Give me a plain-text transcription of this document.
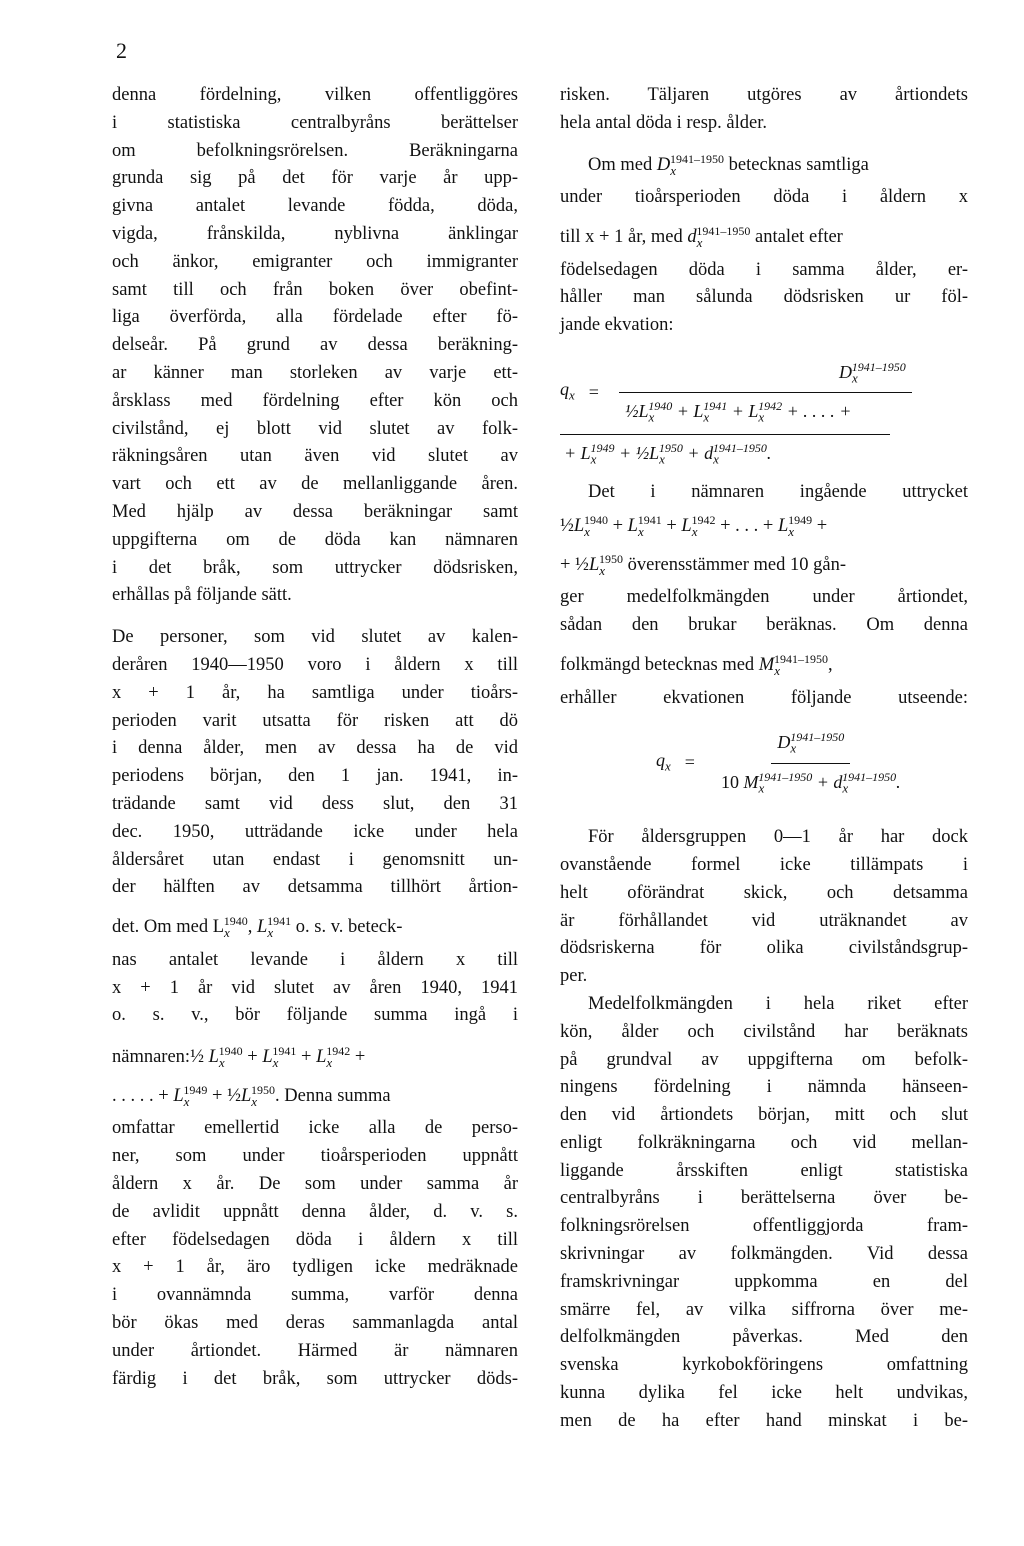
2

denna fördelning, vilken offentliggöres
i statistiska centralbyråns berättelser
om befolkningsrörelsen. Beräkningarna
grunda sig på det för varje år upp-
givna antalet levande födda, döda,
vigda, frånskilda, nyblivna änklingar
och änkor, emigranter och immigranter
samt till och från boken över obefint-
liga överförda, alla fördelade efter fö-
delseår. På grund av dessa beräkning-
ar känner man storleken av varje ett-
årsklass med fördelning efter kön och
civilstånd, ej blott vid slutet av folk-
räkningsåren utan även vid slutet av
vart och ett av de mellanliggande åren.
Med hjälp av dessa beräkningar samt
uppgifterna om de döda kan nämnaren
i det bråk, som uttrycker dödsrisken,
erhållas på följande sätt.

De personer, som vid slutet av kalen-
deråren 1940—1950 voro i åldern x till
x + 1 år, ha samtliga under tioårs-
perioden varit utsatta för risken att dö
i denna ålder, men av dessa ha de vid
periodens början, den 1 jan. 1941, in-
trädande samt vid dess slut, den 31
dec. 1950, utträdande icke under hela
åldersåret utan endast i genomsnitt un-
der hälften av detsamma tillhört årtion-
det. Om med $L_x^{1940}$, $L_x^{1941}$ o. s. v. beteck-
nas antalet levande i åldern x till
x + 1 år vid slutet av åren 1940, 1941
o. s. v., bör följande summa ingå i
nämnaren:½ $L_x^{1940} + L_x^{1941} + L_x^{1942}$ +
. . . . . + $L_x^{1949}$ + $\frac{1}{2}L_x^{1950}$. Denna summa
omfattar emellertid icke alla de perso-
ner, som under tioårsperioden uppnått
åldern x år. De som under samma år
de avlidit uppnått denna ålder, d. v. s.
efter födelsedagen döda i åldern x till
x + 1 år, äro tydligen icke medräknade
i ovannämnda summa, varför denna
bör ökas med deras sammanlagda antal
under årtiondet. Härmed är nämnaren
färdig i det bråk, som uttrycker döds-

risken. Täljaren utgöres av årtiondets
hela antal döda i resp. ålder.
Om med $D_x^{1941-1950}$ betecknas samtliga
under tioårsperioden döda i åldern x
till x + 1 år, med $d_x^{1941-1950}$ antalet efter
födelsedagen döda i samma ålder, er-
håller man sålunda dödsrisken ur föl-
jande ekvation:
$q_x = \frac{D_x^{1941-1950}}{\frac{1}{2}L_x^{1940} + L_x^{1941} + L_x^{1942} + . . . . +}$
+ $L_x^{1949}$ + $\frac{1}{2}L_x^{1950} + d_x^{1941-1950}$.
Det i nämnaren ingående uttrycket
$\frac{1}{2}L_x^{1940} + L_x^{1941} + L_x^{1942}$ + . . . + $L_x^{1949}$ +
+ $\frac{1}{2}L_x^{1950}$ överensstämmer med 10 gån-
ger medelfolkmängden under årtiondet,
sådan den brukar beräknas. Om denna
folkmängd betecknas med $M_x^{1941-1950}$,
erhåller ekvationen följande utseende:
$q_x = \frac{D_x^{1941-1950}}{10 M_x^{1941-1950} + d_x^{1941-1950}.}$
För åldersgruppen 0—1 år har dock
ovanstående formel icke tillämpats i
helt oförändrat skick, och detsamma
är förhållandet vid uträknandet av
dödsriskerna för olika civilståndsgrup-
per.
Medelfolkmängden i hela riket efter
kön, ålder och civilstånd har beräknats
på grundval av uppgifterna om befolk-
ningens fördelning i nämnda hänseen-
den vid årtiondets början, mitt och slut
enligt folkräkningarna och vid mellan-
liggande årsskiften enligt statistiska
centralbyråns i berättelserna över be-
folkningsrörelsen offentliggjorda fram-
skrivningar av folkmängden. Vid dessa
framskrivningar uppkomma en del
smärre fel, av vilka siffrorna över me-
delfolkmängden påverkas. Med den
svenska kyrkobokföringens omfattning
kunna dylika fel icke helt undvikas,
men de ha efter hand minskat i be-
